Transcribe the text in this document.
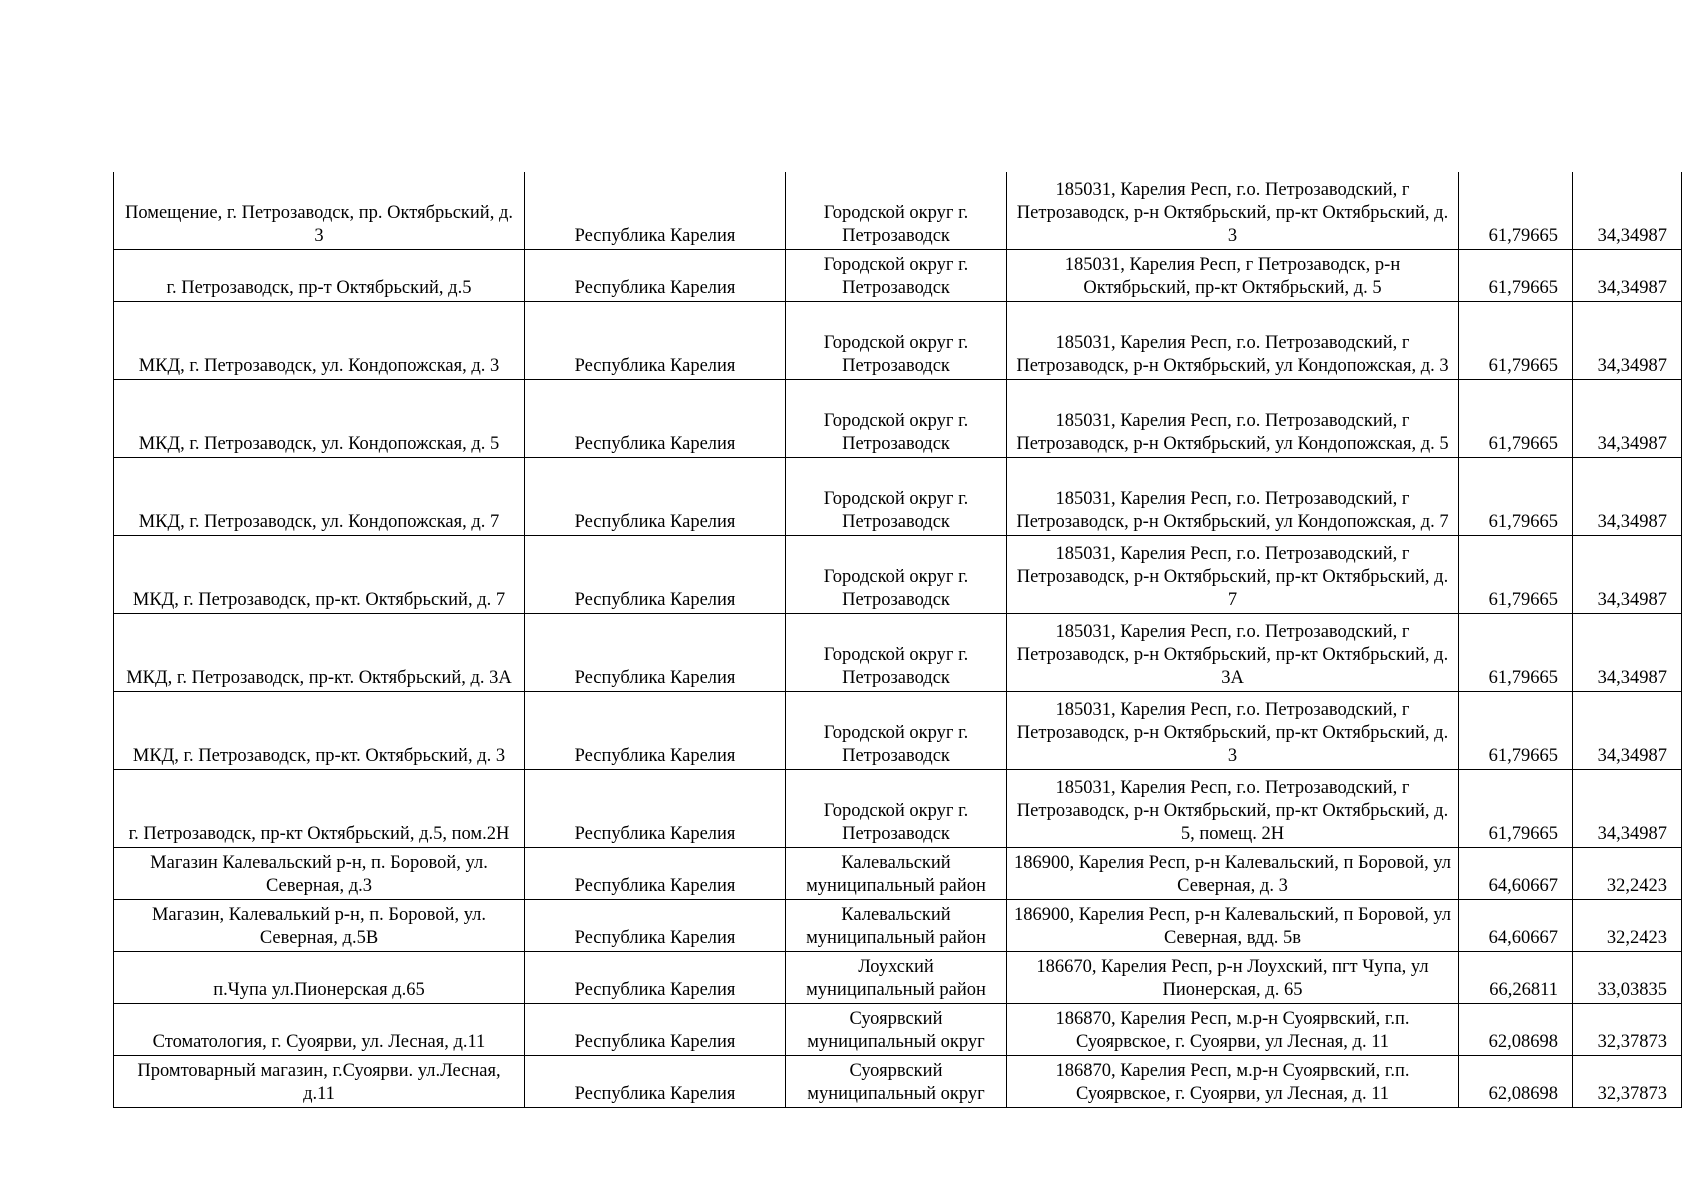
Помещение, г. Петрозаводск, пр. Октябрьский, д. 3	Республика Карелия	Городской округ г. Петрозаводск	185031, Карелия Респ, г.о. Петрозаводский, г Петрозаводск, р-н Октябрьский, пр-кт Октябрьский, д. 3	61,79665	34,34987
г. Петрозаводск, пр-т Октябрьский, д.5	Республика Карелия	Городской округ г. Петрозаводск	185031, Карелия Респ, г Петрозаводск, р-н Октябрьский, пр-кт Октябрьский, д. 5	61,79665	34,34987
МКД, г. Петрозаводск, ул. Кондопожская, д. 3	Республика Карелия	Городской округ г. Петрозаводск	185031, Карелия Респ, г.о. Петрозаводский, г Петрозаводск, р-н Октябрьский, ул Кондопожская, д. 3	61,79665	34,34987
МКД, г. Петрозаводск, ул. Кондопожская, д. 5	Республика Карелия	Городской округ г. Петрозаводск	185031, Карелия Респ, г.о. Петрозаводский, г Петрозаводск, р-н Октябрьский, ул Кондопожская, д. 5	61,79665	34,34987
МКД, г. Петрозаводск, ул. Кондопожская, д. 7	Республика Карелия	Городской округ г. Петрозаводск	185031, Карелия Респ, г.о. Петрозаводский, г Петрозаводск, р-н Октябрьский, ул Кондопожская, д. 7	61,79665	34,34987
МКД, г. Петрозаводск, пр-кт. Октябрьский, д. 7	Республика Карелия	Городской округ г. Петрозаводск	185031, Карелия Респ, г.о. Петрозаводский, г Петрозаводск, р-н Октябрьский, пр-кт Октябрьский, д. 7	61,79665	34,34987
МКД, г. Петрозаводск, пр-кт. Октябрьский, д. 3А	Республика Карелия	Городской округ г. Петрозаводск	185031, Карелия Респ, г.о. Петрозаводский, г Петрозаводск, р-н Октябрьский, пр-кт Октябрьский, д. 3А	61,79665	34,34987
МКД, г. Петрозаводск, пр-кт. Октябрьский, д. 3	Республика Карелия	Городской округ г. Петрозаводск	185031, Карелия Респ, г.о. Петрозаводский, г Петрозаводск, р-н Октябрьский, пр-кт Октябрьский, д. 3	61,79665	34,34987
г. Петрозаводск, пр-кт Октябрьский, д.5, пом.2Н	Республика Карелия	Городской округ г. Петрозаводск	185031, Карелия Респ, г.о. Петрозаводский, г Петрозаводск, р-н Октябрьский, пр-кт Октябрьский, д. 5, помещ. 2Н	61,79665	34,34987
Магазин Калевальский р-н, п. Боровой, ул. Северная, д.3	Республика Карелия	Калевальский муниципальный район	186900, Карелия Респ, р-н Калевальский, п Боровой, ул Северная, д. 3	64,60667	32,2423
Магазин, Калевалький р-н, п. Боровой, ул. Северная, д.5В	Республика Карелия	Калевальский муниципальный район	186900, Карелия Респ, р-н Калевальский, п Боровой, ул Северная, вдд. 5в	64,60667	32,2423
п.Чупа ул.Пионерская д.65	Республика Карелия	Лоухский муниципальный район	186670, Карелия Респ, р-н Лоухский, пгт Чупа, ул Пионерская, д. 65	66,26811	33,03835
Стоматология, г. Суоярви, ул. Лесная, д.11	Республика Карелия	Суоярвский муниципальный округ	186870, Карелия Респ, м.р-н Суоярвский, г.п. Суоярвское, г. Суоярви, ул Лесная, д. 11	62,08698	32,37873
Промтоварный магазин, г.Суоярви. ул.Лесная, д.11	Республика Карелия	Суоярвский муниципальный округ	186870, Карелия Респ, м.р-н Суоярвский, г.п. Суоярвское, г. Суоярви, ул Лесная, д. 11	62,08698	32,37873
